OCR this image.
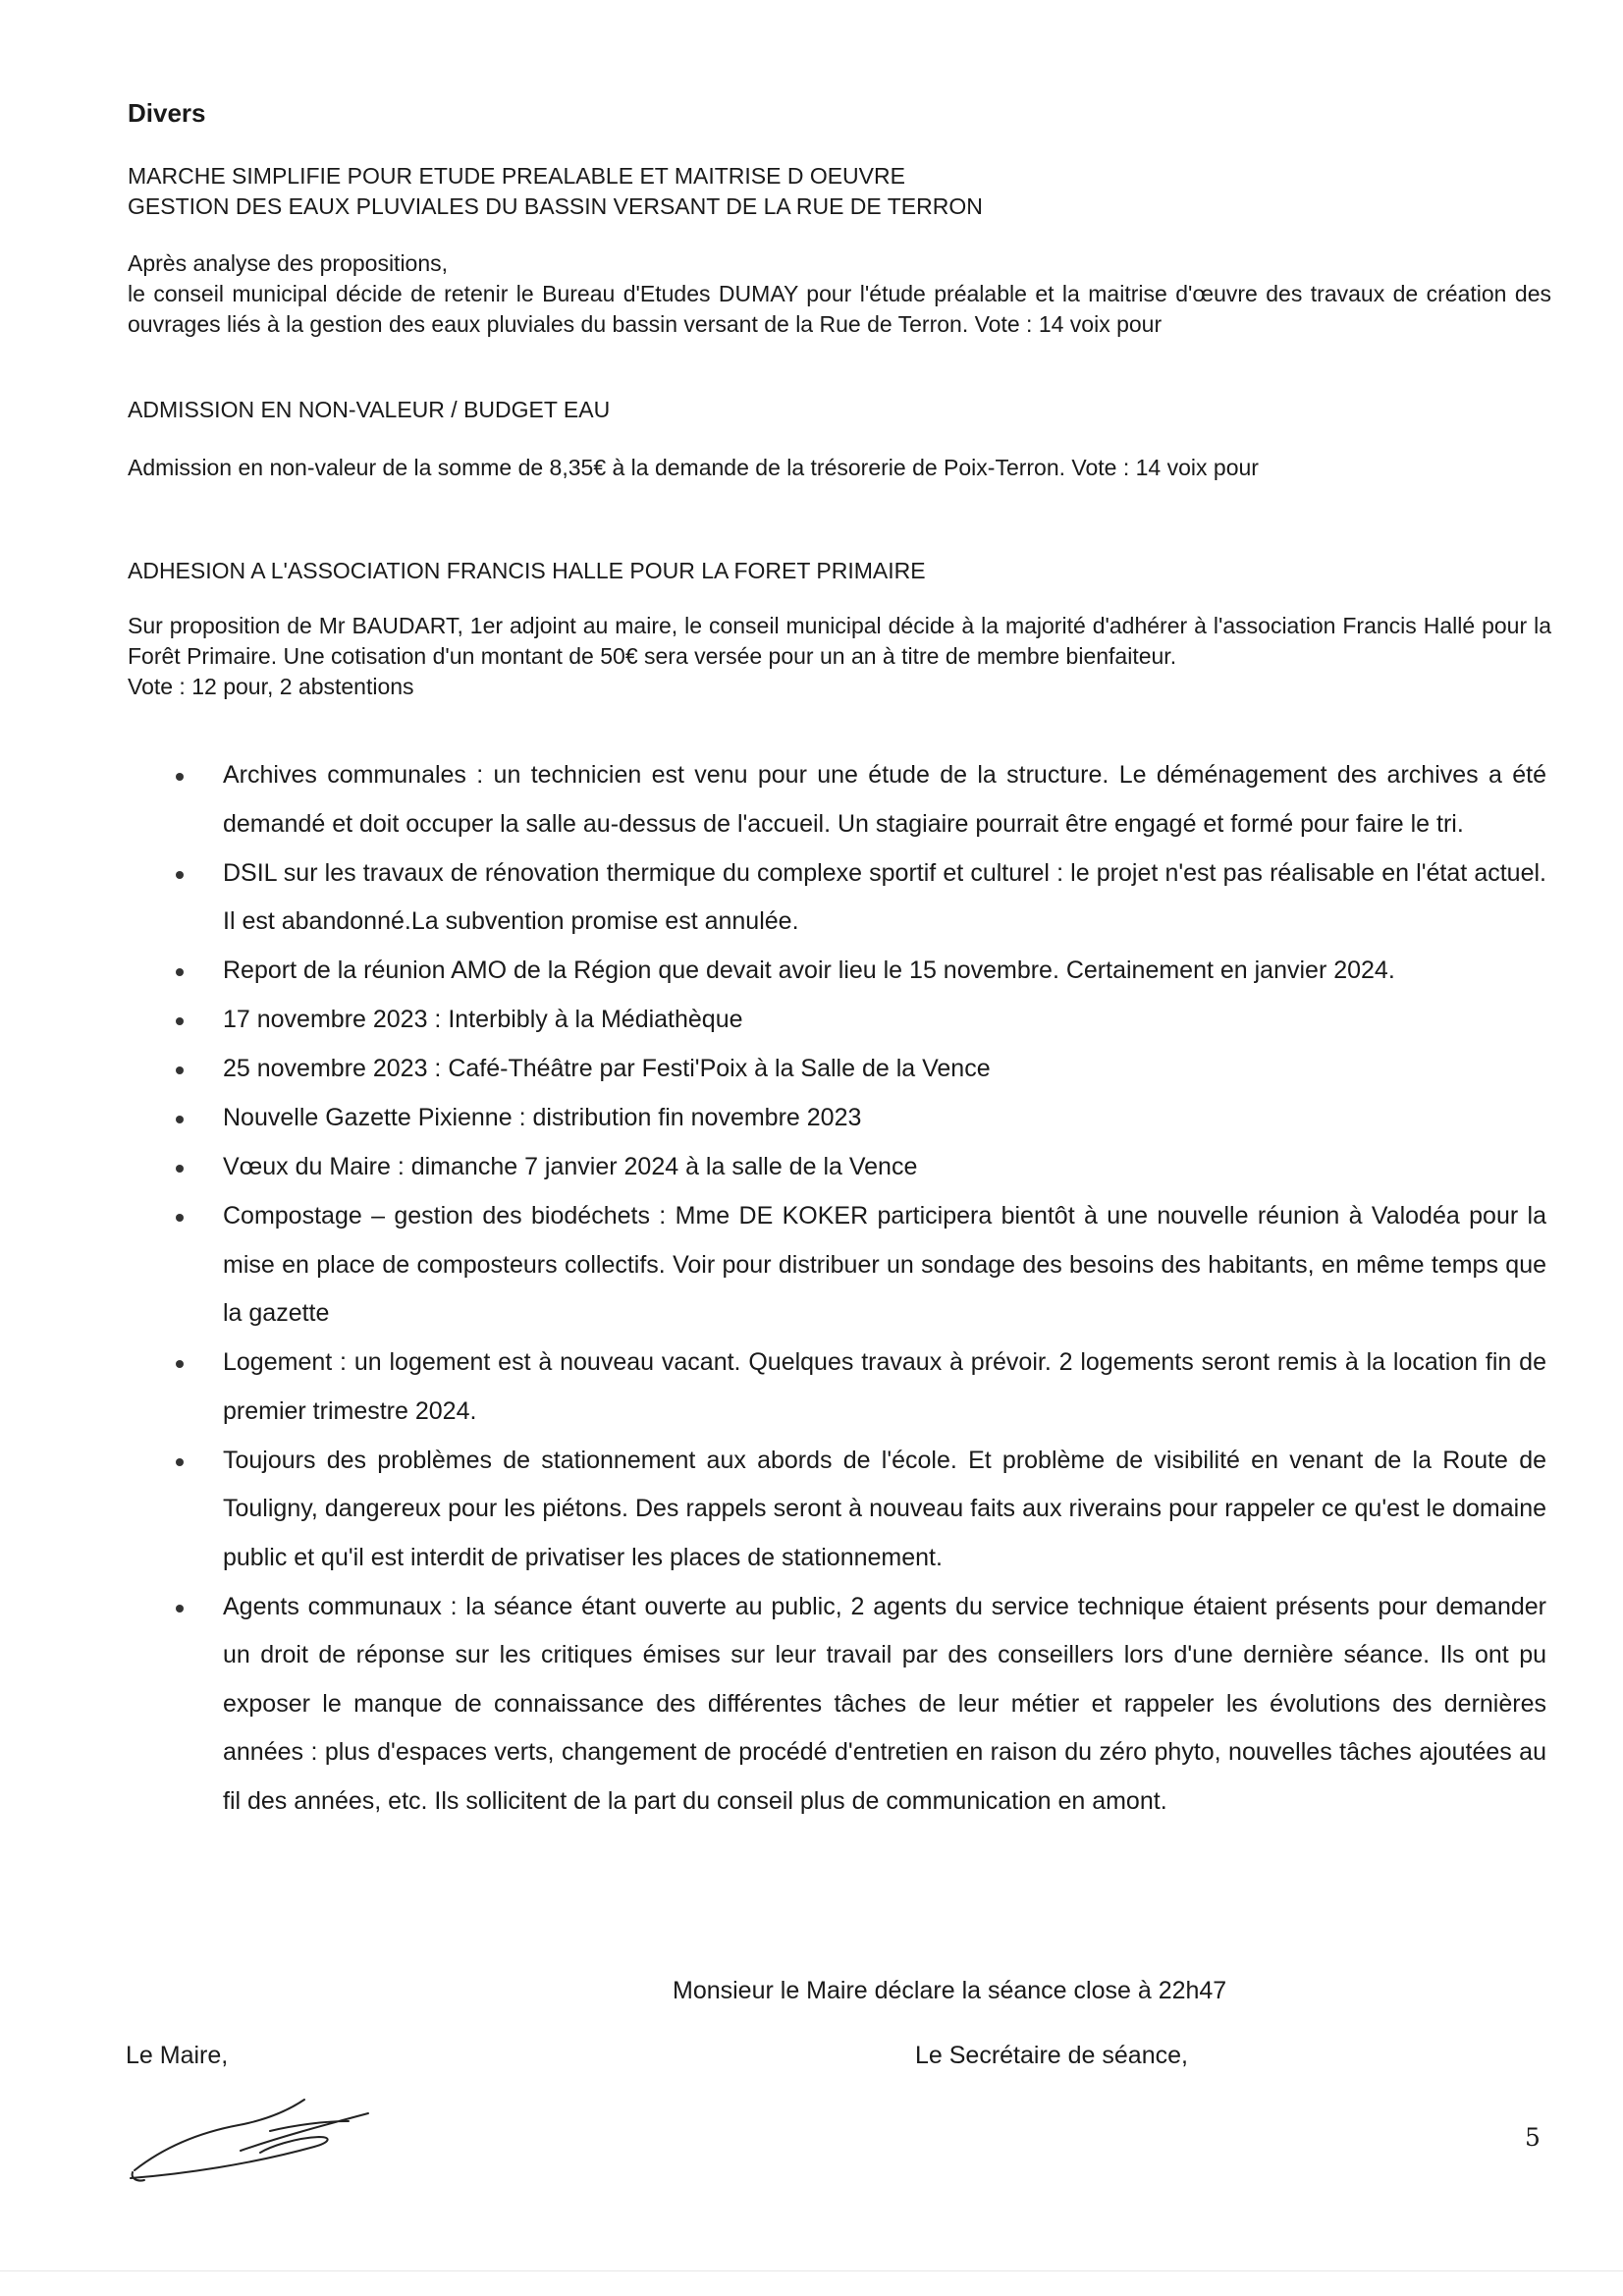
Divers
MARCHE SIMPLIFIE POUR ETUDE PREALABLE ET MAITRISE D OEUVRE
GESTION DES EAUX PLUVIALES DU BASSIN VERSANT DE LA RUE DE TERRON
Après analyse des propositions,
le conseil municipal décide de retenir le Bureau d'Etudes DUMAY pour l'étude préalable et la maitrise d'œuvre des travaux de création des ouvrages liés à la gestion des eaux pluviales du bassin versant de la Rue de Terron. Vote : 14 voix pour
ADMISSION EN NON-VALEUR / BUDGET EAU
Admission en non-valeur de la somme de 8,35€ à la demande de la trésorerie de Poix-Terron. Vote : 14 voix pour
ADHESION A L'ASSOCIATION FRANCIS HALLE POUR LA FORET PRIMAIRE
Sur proposition de Mr BAUDART, 1er adjoint au maire, le conseil municipal décide à la majorité d'adhérer à l'association Francis Hallé pour la Forêt Primaire. Une cotisation d'un montant de 50€ sera versée pour un an à titre de membre bienfaiteur.
Vote : 12 pour, 2 abstentions
Archives communales : un technicien est venu pour une étude de la structure. Le déménagement des archives a été demandé et doit occuper la salle au-dessus de l'accueil. Un stagiaire pourrait être engagé et formé pour faire le tri.
DSIL sur les travaux de rénovation thermique du complexe sportif et culturel : le projet n'est pas réalisable en l'état actuel. Il est abandonné.La subvention promise est annulée.
Report de la réunion AMO de la Région que devait avoir lieu le 15 novembre. Certainement en janvier 2024.
17 novembre 2023 : Interbibly à la Médiathèque
25 novembre 2023 : Café-Théâtre par Festi'Poix à la Salle de la Vence
Nouvelle Gazette Pixienne : distribution fin novembre 2023
Vœux du Maire : dimanche 7 janvier 2024 à la salle de la Vence
Compostage – gestion des biodéchets : Mme DE KOKER participera bientôt à une nouvelle réunion à Valodéa pour la mise en place de composteurs collectifs. Voir pour distribuer un sondage des besoins des habitants, en même temps que la gazette
Logement : un logement est à nouveau vacant. Quelques travaux à prévoir. 2 logements seront remis à la location fin de premier trimestre 2024.
Toujours des problèmes de stationnement aux abords de l'école. Et problème de visibilité en venant de la Route de Touligny, dangereux pour les piétons. Des rappels seront à nouveau faits aux riverains pour rappeler ce qu'est le domaine public et qu'il est interdit de privatiser les places de stationnement.
Agents communaux : la séance étant ouverte au public, 2 agents du service technique étaient présents pour demander un droit de réponse sur les critiques émises sur leur travail par des conseillers lors d'une dernière séance. Ils ont pu exposer le manque de connaissance des différentes tâches de leur métier et rappeler les évolutions des dernières années : plus d'espaces verts, changement de procédé d'entretien en raison du zéro phyto, nouvelles tâches ajoutées au fil des années, etc. Ils sollicitent de la part du conseil plus de communication en amont.
Monsieur le Maire déclare la séance close à 22h47
Le Maire,	Le Secrétaire de séance,
5
